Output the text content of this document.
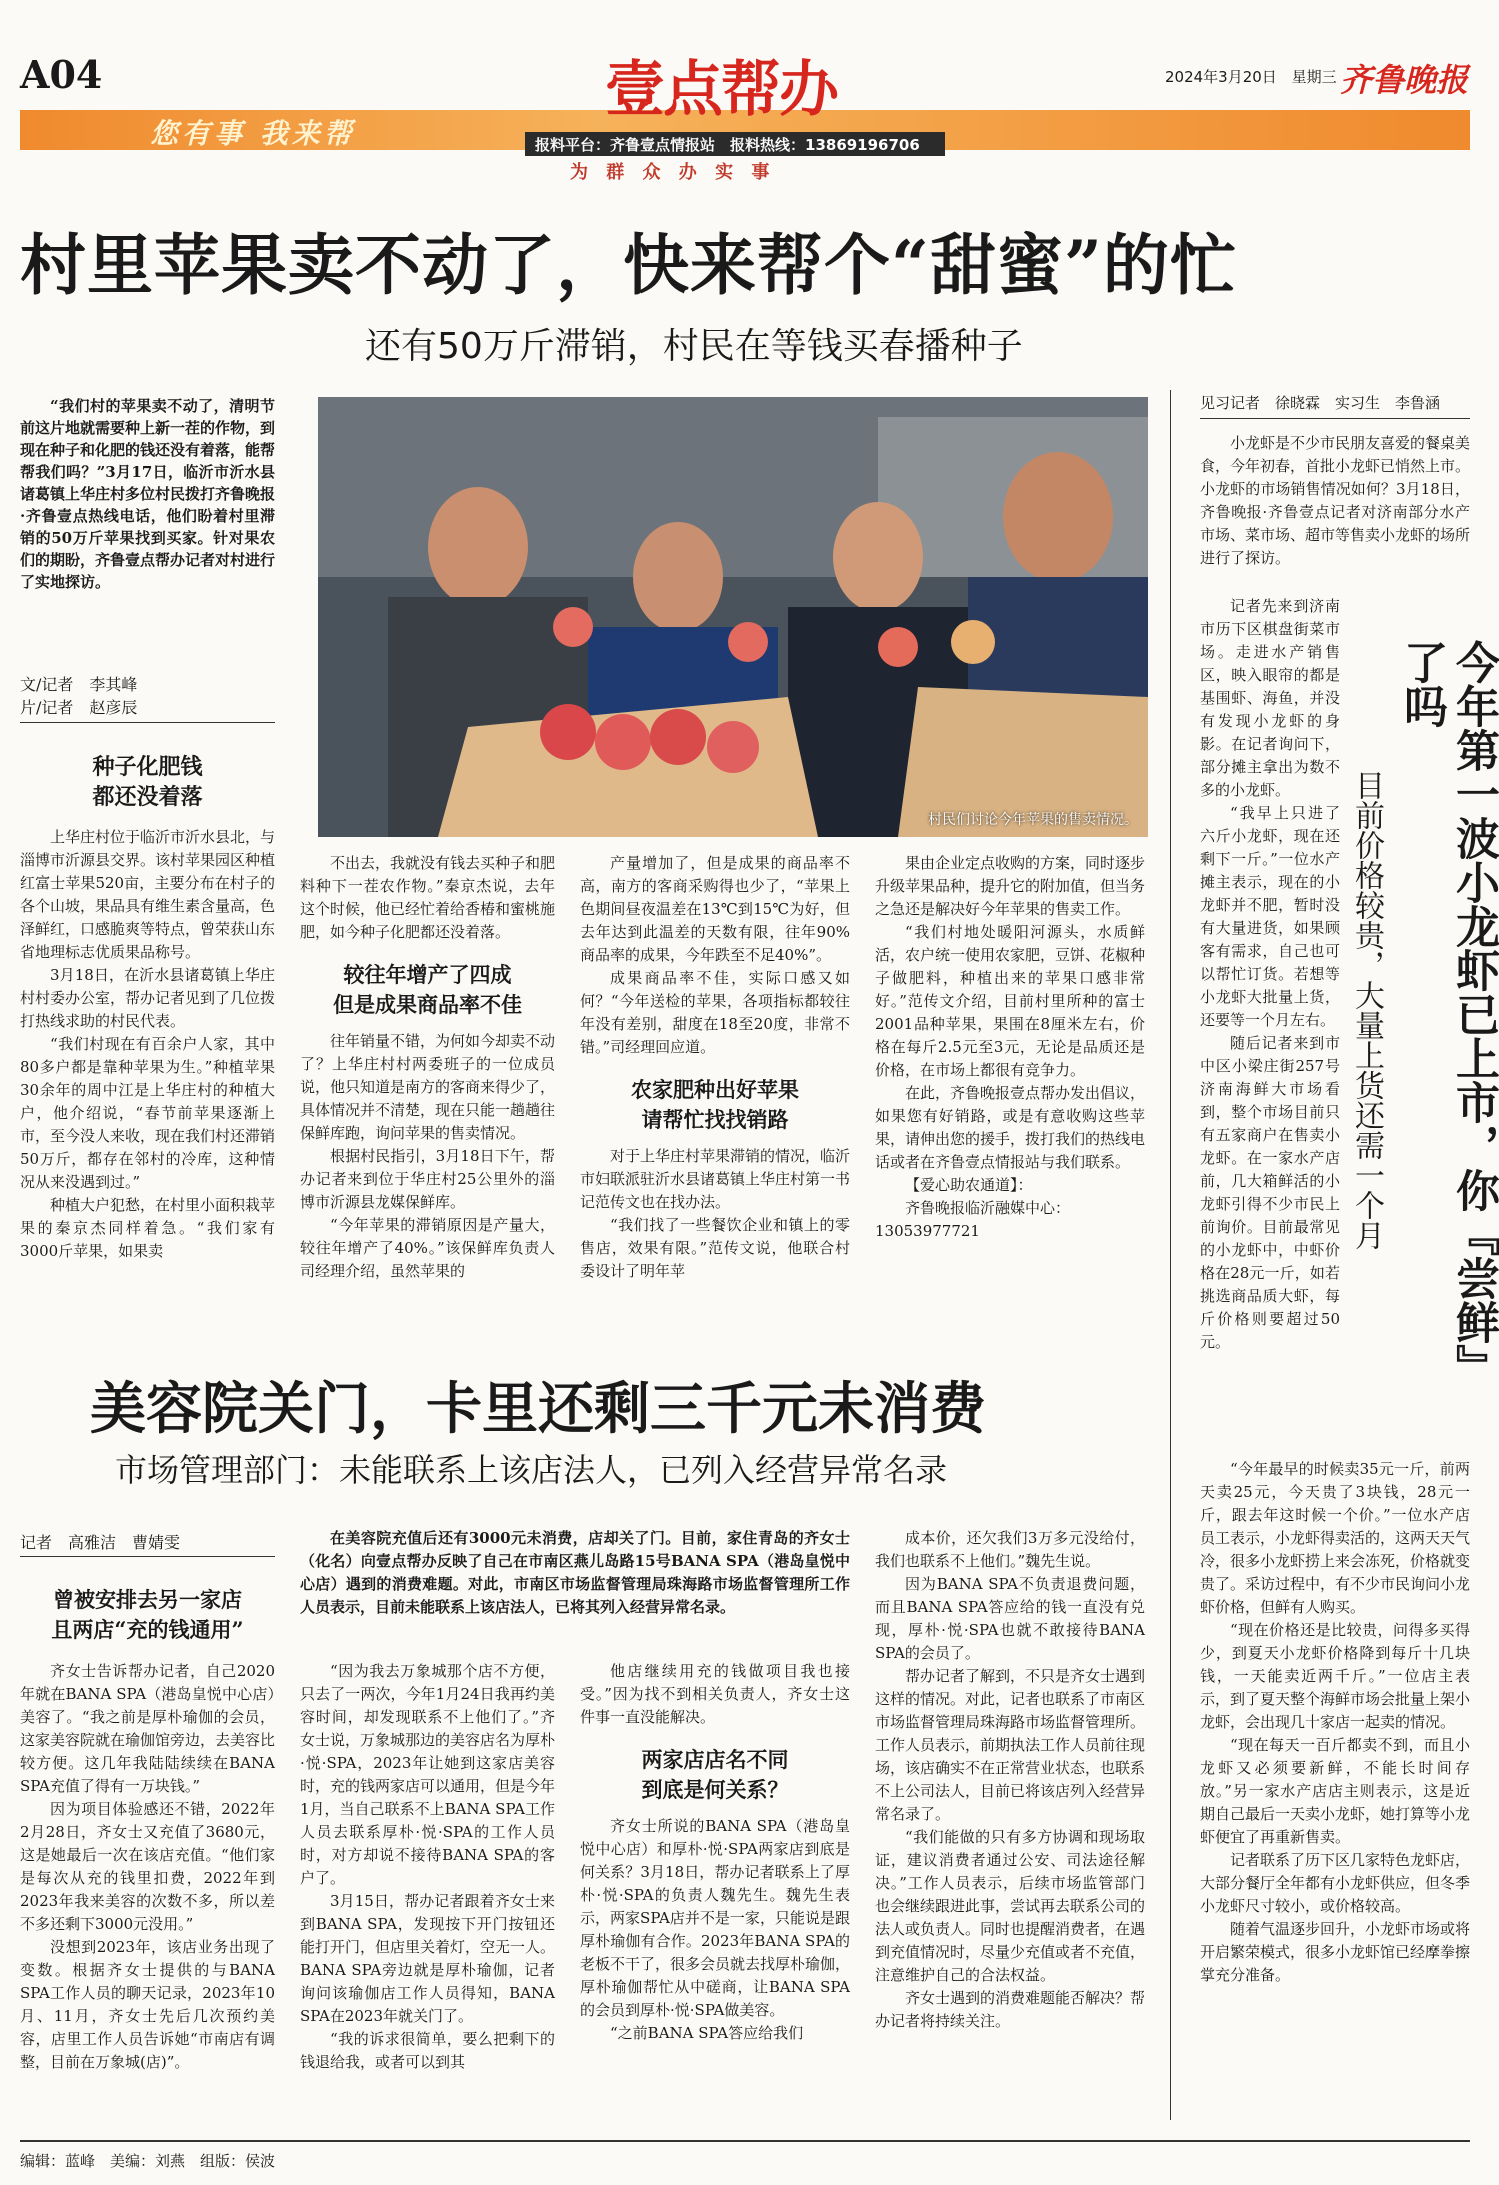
A04
您有事 我来帮
壹点帮办
报料平台：齐鲁壹点情报站　报料热线：13869196706
为 群 众 办 实 事
2024年3月20日 星期三 齐鲁晚报
村里苹果卖不动了，快来帮个“甜蜜”的忙
还有50万斤滞销，村民在等钱买春播种子

“我们村的苹果卖不动了，清明节前这片地就需要种上新一茬的作物，到现在种子和化肥的钱还没有着落，能帮帮我们吗？”3月17日，临沂市沂水县诸葛镇上华庄村多位村民拨打齐鲁晚报·齐鲁壹点热线电话，他们盼着村里滞销的50万斤苹果找到买家。针对果农们的期盼，齐鲁壹点帮办记者对村进行了实地探访。

文/记者　李其峰
片/记者　赵彦辰
村民们讨论今年苹果的售卖情况。
种子化肥钱
都还没着落

上华庄村位于临沂市沂水县北，与淄博市沂源县交界。该村苹果园区种植红富士苹果520亩，主要分布在村子的各个山坡，果品具有维生素含量高，色泽鲜红，口感脆爽等特点，曾荣获山东省地理标志优质果品称号。

3月18日，在沂水县诸葛镇上华庄村村委办公室，帮办记者见到了几位拨打热线求助的村民代表。

“我们村现在有百余户人家，其中80多户都是靠种苹果为生。”种植苹果30余年的周中江是上华庄村的种植大户，他介绍说，“春节前苹果逐渐上市，至今没人来收，现在我们村还滞销50万斤，都存在邻村的冷库，这种情况从来没遇到过。”

种植大户犯愁，在村里小面积栽苹果的秦京杰同样着急。“我们家有3000斤苹果，如果卖

不出去，我就没有钱去买种子和肥料种下一茬农作物。”秦京杰说，去年这个时候，他已经忙着给香椿和蜜桃施肥，如今种子化肥都还没着落。

较往年增产了四成
但是成果商品率不佳

往年销量不错，为何如今却卖不动了？上华庄村村两委班子的一位成员说，他只知道是南方的客商来得少了，具体情况并不清楚，现在只能一趟趟往保鲜库跑，询问苹果的售卖情况。

根据村民指引，3月18日下午，帮办记者来到位于华庄村25公里外的淄博市沂源县龙媒保鲜库。

“今年苹果的滞销原因是产量大，较往年增产了40%。”该保鲜库负责人司经理介绍，虽然苹果的

产量增加了，但是成果的商品率不高，南方的客商采购得也少了，“苹果上色期间昼夜温差在13℃到15℃为好，但去年达到此温差的天数有限，往年90%商品率的成果，今年跌至不足40%”。

成果商品率不佳，实际口感又如何？“今年送检的苹果，各项指标都较往年没有差别，甜度在18至20度，非常不错。”司经理回应道。

农家肥种出好苹果
请帮忙找找销路

对于上华庄村苹果滞销的情况，临沂市妇联派驻沂水县诸葛镇上华庄村第一书记范传文也在找办法。

“我们找了一些餐饮企业和镇上的零售店，效果有限。”范传文说，他联合村委设计了明年苹

果由企业定点收购的方案，同时逐步升级苹果品种，提升它的附加值，但当务之急还是解决好今年苹果的售卖工作。

“我们村地处暖阳河源头，水质鲜活，农户统一使用农家肥，豆饼、花椒种子做肥料，种植出来的苹果口感非常好。”范传文介绍，目前村里所种的富士2001品种苹果，果围在8厘米左右，价格在每斤2.5元至3元，无论是品质还是价格，在市场上都很有竞争力。

在此，齐鲁晚报壹点帮办发出倡议，如果您有好销路，或是有意收购这些苹果，请伸出您的援手，拨打我们的热线电话或者在齐鲁壹点情报站与我们联系。

【爱心助农通道】：

齐鲁晚报临沂融媒中心：

13053977721
美容院关门，卡里还剩三千元未消费
市场管理部门：未能联系上该店法人，已列入经营异常名录
记者　高雅洁　曹婧雯	在美容院充值后还有3000元未消费，店却关了门。目前，家住青岛的齐女士（化名）向壹点帮办反映了自己在市南区燕儿岛路15号BANA SPA（港岛皇悦中心店）遇到的消费难题。对此，市南区市场监督管理局珠海路市场监督管理所工作人员表示，目前未能联系上该店法人，已将其列入经营异常名录。

曾被安排去另一家店
且两店“充的钱通用”

齐女士告诉帮办记者，自己2020年就在BANA SPA（港岛皇悦中心店）美容了。“我之前是厚朴瑜伽的会员，这家美容院就在瑜伽馆旁边，去美容比较方便。这几年我陆陆续续在BANA SPA充值了得有一万块钱。”

因为项目体验感还不错，2022年2月28日，齐女士又充值了3680元，这是她最后一次在该店充值。“他们家是每次从充的钱里扣费，2022年到2023年我来美容的次数不多，所以差不多还剩下3000元没用。”

没想到2023年，该店业务出现了变数。根据齐女士提供的与BANA SPA工作人员的聊天记录，2023年10月、11月，齐女士先后几次预约美容，店里工作人员告诉她“市南店有调整，目前在万象城(店)”。

“因为我去万象城那个店不方便，只去了一两次，今年1月24日我再约美容时间，却发现联系不上他们了。”齐女士说，万象城那边的美容店名为厚朴·悦·SPA，2023年让她到这家店美容时，充的钱两家店可以通用，但是今年1月，当自己联系不上BANA SPA工作人员去联系厚朴·悦·SPA的工作人员时，对方却说不接待BANA SPA的客户了。

3月15日，帮办记者跟着齐女士来到BANA SPA，发现按下开门按钮还能打开门，但店里关着灯，空无一人。BANA SPA旁边就是厚朴瑜伽，记者询问该瑜伽店工作人员得知，BANA SPA在2023年就关门了。

“我的诉求很简单，要么把剩下的钱退给我，或者可以到其

他店继续用充的钱做项目我也接受。”因为找不到相关负责人，齐女士这件事一直没能解决。

两家店店名不同
到底是何关系？

齐女士所说的BANA SPA（港岛皇悦中心店）和厚朴·悦·SPA两家店到底是何关系？3月18日，帮办记者联系上了厚朴·悦·SPA的负责人魏先生。魏先生表示，两家SPA店并不是一家，只能说是跟厚朴瑜伽有合作。2023年BANA SPA的老板不干了，很多会员就去找厚朴瑜伽，厚朴瑜伽帮忙从中磋商，让BANA SPA的会员到厚朴·悦·SPA做美容。

“之前BANA SPA答应给我们

成本价，还欠我们3万多元没给付，我们也联系不上他们。”魏先生说。

因为BANA SPA不负责退费问题，而且BANA SPA答应给的钱一直没有兑现，厚朴·悦·SPA也就不敢接待BANA SPA的会员了。

帮办记者了解到，不只是齐女士遇到这样的情况。对此，记者也联系了市南区市场监督管理局珠海路市场监督管理所。工作人员表示，前期执法工作人员前往现场，该店确实不在正常营业状态，也联系不上公司法人，目前已将该店列入经营异常名录了。

“我们能做的只有多方协调和现场取证，建议消费者通过公安、司法途径解决。”工作人员表示，后续市场监管部门也会继续跟进此事，尝试再去联系公司的法人或负责人。同时也提醒消费者，在遇到充值情况时，尽量少充值或者不充值，注意维护自己的合法权益。

齐女士遇到的消费难题能否解决？帮办记者将持续关注。

见习记者　徐晓霖　实习生　李鲁涵

小龙虾是不少市民朋友喜爱的餐桌美食，今年初春，首批小龙虾已悄然上市。小龙虾的市场销售情况如何？3月18日，齐鲁晚报·齐鲁壹点记者对济南部分水产市场、菜市场、超市等售卖小龙虾的场所进行了探访。

今年第一波小龙虾已上市，你『尝鲜』了吗
目前价格较贵，大量上货还需一个月

记者先来到济南市历下区棋盘街菜市场。走进水产销售区，映入眼帘的都是基围虾、海鱼，并没有发现小龙虾的身影。在记者询问下，部分摊主拿出为数不多的小龙虾。

“我早上只进了六斤小龙虾，现在还剩下一斤。”一位水产摊主表示，现在的小龙虾并不肥，暂时没有大量进货，如果顾客有需求，自己也可以帮忙订货。若想等小龙虾大批量上货，还要等一个月左右。

随后记者来到市中区小梁庄街257号济南海鲜大市场看到，整个市场目前只有五家商户在售卖小龙虾。在一家水产店前，几大箱鲜活的小龙虾引得不少市民上前询价。目前最常见的小龙虾中，中虾价格在28元一斤，如若挑选商品质大虾，每斤价格则要超过50元。

“今年最早的时候卖35元一斤，前两天卖25元，今天贵了3块钱，28元一斤，跟去年这时候一个价。”一位水产店员工表示，小龙虾得卖活的，这两天天气冷，很多小龙虾捞上来会冻死，价格就变贵了。采访过程中，有不少市民询问小龙虾价格，但鲜有人购买。

“现在价格还是比较贵，问得多买得少，到夏天小龙虾价格降到每斤十几块钱，一天能卖近两千斤。”一位店主表示，到了夏天整个海鲜市场会批量上架小龙虾，会出现几十家店一起卖的情况。

“现在每天一百斤都卖不到，而且小龙虾又必须要新鲜，不能长时间存放。”另一家水产店店主则表示，这是近期自己最后一天卖小龙虾，她打算等小龙虾便宜了再重新售卖。

记者联系了历下区几家特色龙虾店，大部分餐厅全年都有小龙虾供应，但冬季小龙虾尺寸较小，或价格较高。

随着气温逐步回升，小龙虾市场或将开启繁荣模式，很多小龙虾馆已经摩拳擦掌充分准备。

编辑：蓝峰　美编：刘燕　组版：侯波
